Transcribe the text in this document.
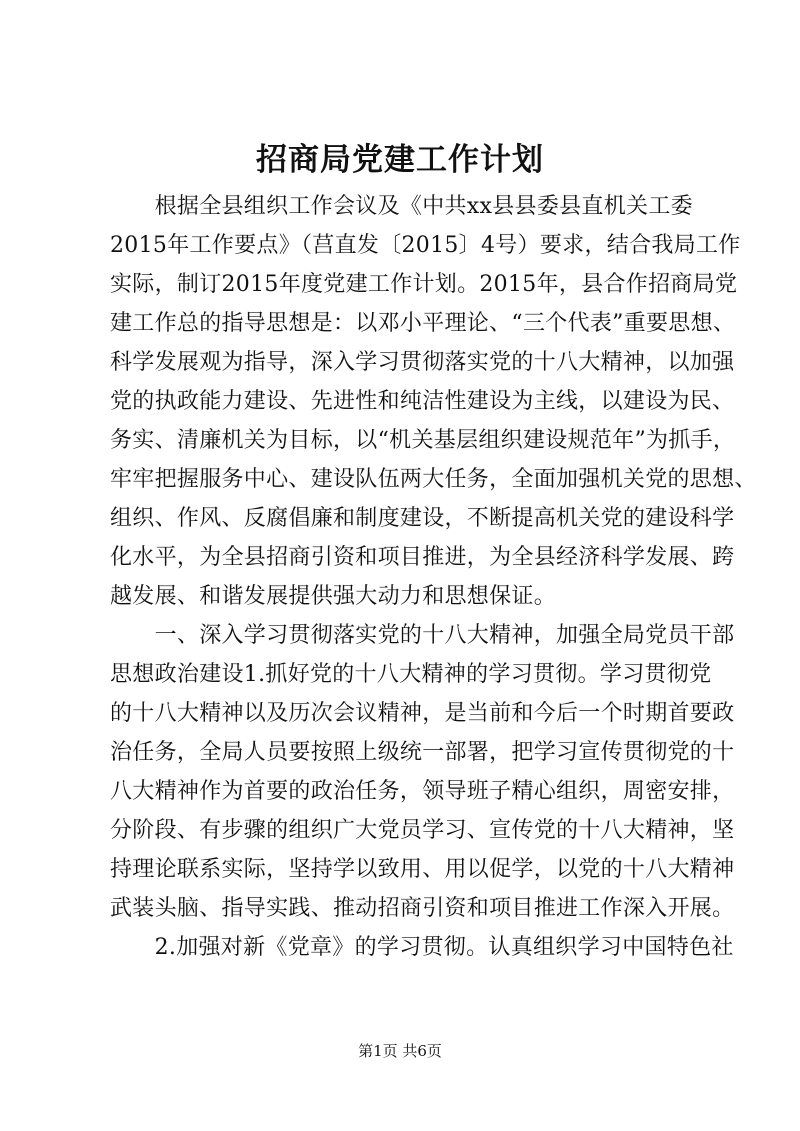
招商局党建工作计划
　　根据全县组织工作会议及《中共xx县县委县直机关工委
2015年工作要点》（莒直发〔2015〕4号）要求，结合我局工作
实际，制订2015年度党建工作计划。2015年，县合作招商局党
建工作总的指导思想是：以邓小平理论、“三个代表”重要思想、
科学发展观为指导，深入学习贯彻落实党的十八大精神，以加强
党的执政能力建设、先进性和纯洁性建设为主线，以建设为民、
务实、清廉机关为目标，以“机关基层组织建设规范年”为抓手，
牢牢把握服务中心、建设队伍两大任务，全面加强机关党的思想、
组织、作风、反腐倡廉和制度建设，不断提高机关党的建设科学
化水平，为全县招商引资和项目推进，为全县经济科学发展、跨
越发展、和谐发展提供强大动力和思想保证。
　　一、深入学习贯彻落实党的十八大精神，加强全局党员干部
思想政治建设1.抓好党的十八大精神的学习贯彻。学习贯彻党
的十八大精神以及历次会议精神，是当前和今后一个时期首要政
治任务，全局人员要按照上级统一部署，把学习宣传贯彻党的十
八大精神作为首要的政治任务，领导班子精心组织，周密安排，
分阶段、有步骤的组织广大党员学习、宣传党的十八大精神，坚
持理论联系实际，坚持学以致用、用以促学，以党的十八大精神
武装头脑、指导实践、推动招商引资和项目推进工作深入开展。
　　2.加强对新《党章》的学习贯彻。认真组织学习中国特色社
第1页 共6页
